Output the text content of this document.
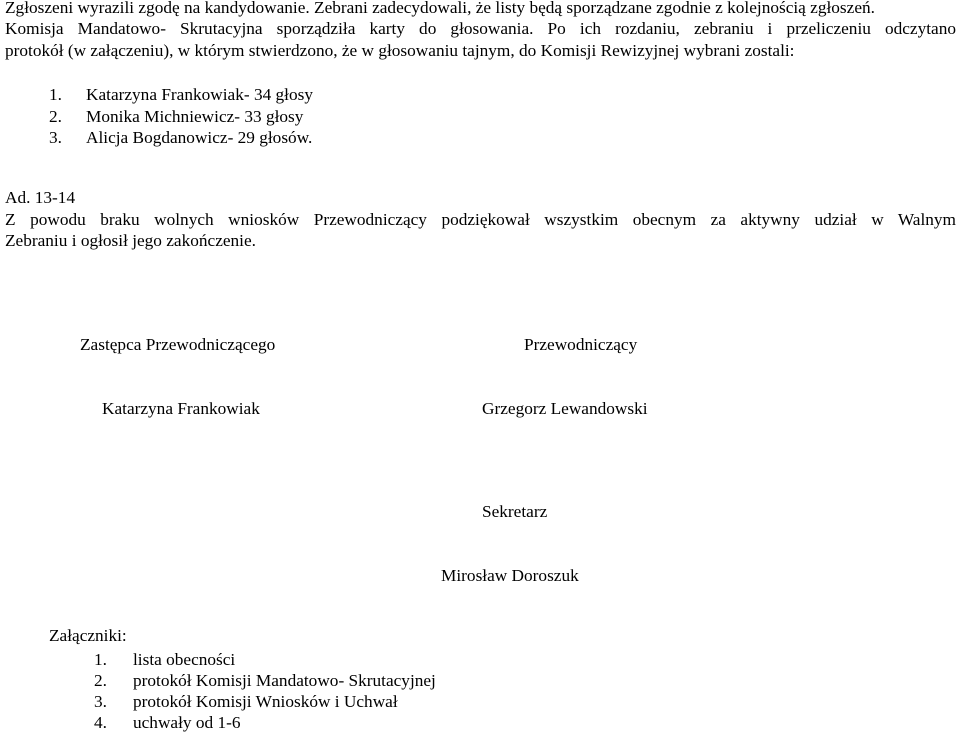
Zgłoszeni wyrazili zgodę na kandydowanie. Zebrani zadecydowali, że listy będą sporządzane zgodnie z kolejnością zgłoszeń.
Komisja Mandatowo- Skrutacyjna sporządziła karty do głosowania. Po ich rozdaniu, zebraniu i przeliczeniu odczytano
protokół (w załączeniu), w którym stwierdzono, że w głosowaniu tajnym, do Komisji Rewizyjnej wybrani zostali:
1. Katarzyna Frankowiak- 34 głosy
2. Monika Michniewicz- 33 głosy
3. Alicja Bogdanowicz- 29 głosów.
Ad. 13-14
Z powodu braku wolnych wniosków Przewodniczący podziękował wszystkim obecnym za aktywny udział w Walnym
Zebraniu i ogłosił jego zakończenie.
Zastępca Przewodniczącego
Katarzyna Frankowiak
Przewodniczący
Grzegorz Lewandowski
Sekretarz
Mirosław Doroszuk
Załączniki:
1. lista obecności
2. protokół Komisji Mandatowo- Skrutacyjnej
3. protokół Komisji Wniosków i Uchwał
4. uchwały od 1-6
